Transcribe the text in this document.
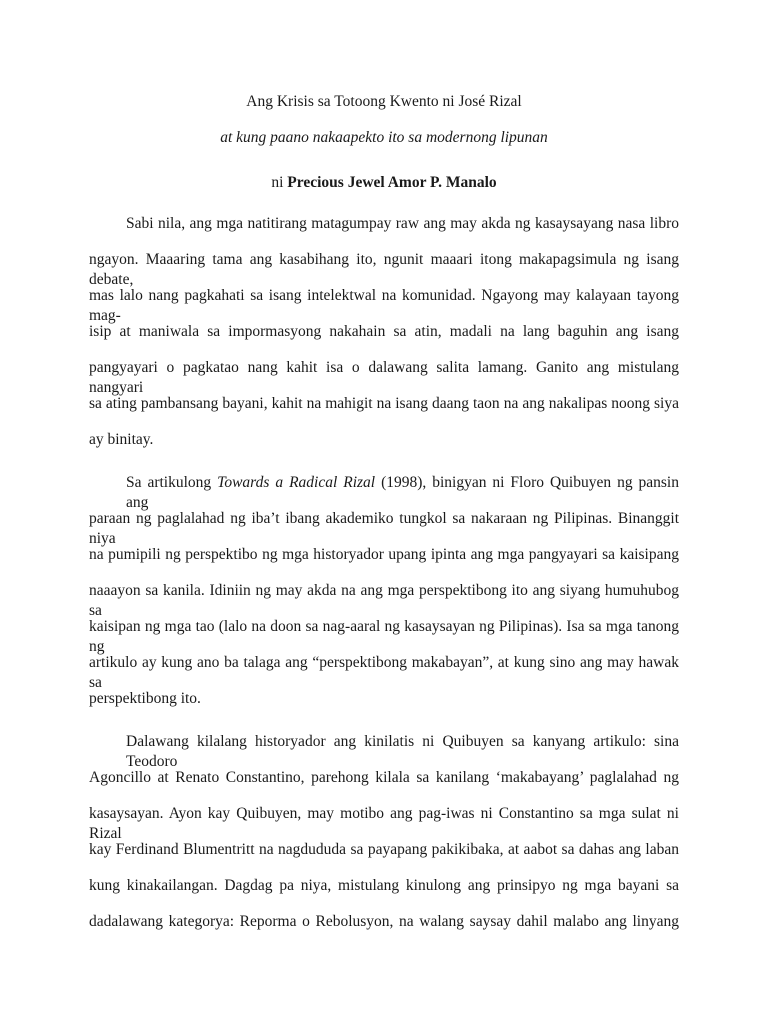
Ang Krisis sa Totoong Kwento ni José Rizal
at kung paano nakaapekto ito sa modernong lipunan
ni Precious Jewel Amor P. Manalo
Sabi nila, ang mga natitirang matagumpay raw ang may akda ng kasaysayang nasa libro
ngayon. Maaaring tama ang kasabihang ito, ngunit maaari itong makapagsimula ng isang debate,
mas lalo nang pagkahati sa isang intelektwal na komunidad. Ngayong may kalayaan tayong mag-
isip at maniwala sa impormasyong nakahain sa atin, madali na lang baguhin ang isang
pangyayari o pagkatao nang kahit isa o dalawang salita lamang. Ganito ang mistulang nangyari
sa ating pambansang bayani, kahit na mahigit na isang daang taon na ang nakalipas noong siya
ay binitay.
Sa artikulong Towards a Radical Rizal (1998), binigyan ni Floro Quibuyen ng pansin ang
paraan ng paglalahad ng iba’t ibang akademiko tungkol sa nakaraan ng Pilipinas. Binanggit niya
na pumipili ng perspektibo ng mga historyador upang ipinta ang mga pangyayari sa kaisipang
naaayon sa kanila. Idiniin ng may akda na ang mga perspektibong ito ang siyang humuhubog sa
kaisipan ng mga tao (lalo na doon sa nag-aaral ng kasaysayan ng Pilipinas). Isa sa mga tanong ng
artikulo ay kung ano ba talaga ang “perspektibong makabayan”, at kung sino ang may hawak sa
perspektibong ito.
Dalawang kilalang historyador ang kinilatis ni Quibuyen sa kanyang artikulo: sina Teodoro
Agoncillo at Renato Constantino, parehong kilala sa kanilang ‘makabayang’ paglalahad ng
kasaysayan. Ayon kay Quibuyen, may motibo ang pag-iwas ni Constantino sa mga sulat ni Rizal
kay Ferdinand Blumentritt na nagdududa sa payapang pakikibaka, at aabot sa dahas ang laban
kung kinakailangan. Dagdag pa niya, mistulang kinulong ang prinsipyo ng mga bayani sa
dadalawang kategorya: Reporma o Rebolusyon, na walang saysay dahil malabo ang linyang
